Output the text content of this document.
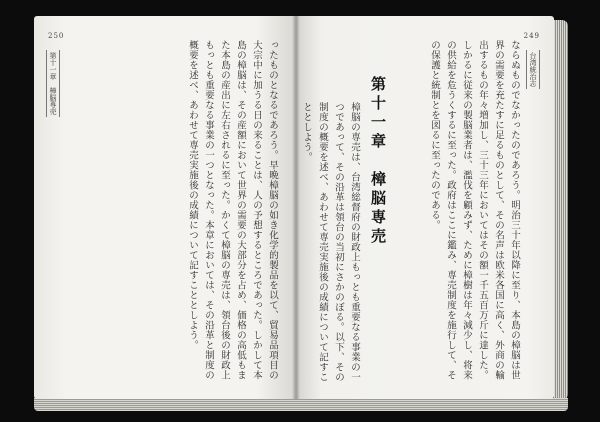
250
第十一章　樟脳専売	ったものとなるであろう。早晩樟脳の如き化学的製品を以て、貿易品項目の大宗中に加うる日の来ることは、人の予想するところであった。しかして本島の樟脳は、その産額において世界の需要の大部分を占め、価格の高低もまた本島の産出に左右されるに至った。かくて樟脳の専売は、領台後の財政上もっとも重要なる事業の一つとなった。本章においては、その沿革と制度の概要を述べ、あわせて専売実施後の成績について記すこととしよう。
249
台湾統治志
ならぬものでなかったのであろう。明治三十年以降に至り、本島の樟脳は世界の需要を充たすに足るものとして、その名声は欧米各国に高く、外商の輸出するもの年々増加し、三十三年においてはその額一千五百万斤に達した。しかるに従来の製脳業者は、濫伐を顧みず、ために樟樹は年々減少し、将来の供給を危うくするに至った。政府はここに鑑み、専売制度を施行して、その保護と統制とを図るに至ったのである。
第十一章　樟脳専売
樟脳の専売は、台湾総督府の財政上もっとも重要なる事業の一つであって、その沿革は領台の当初にさかのぼる。以下、その制度の概要を述べ、あわせて専売実施後の成績について記すこととしよう。
